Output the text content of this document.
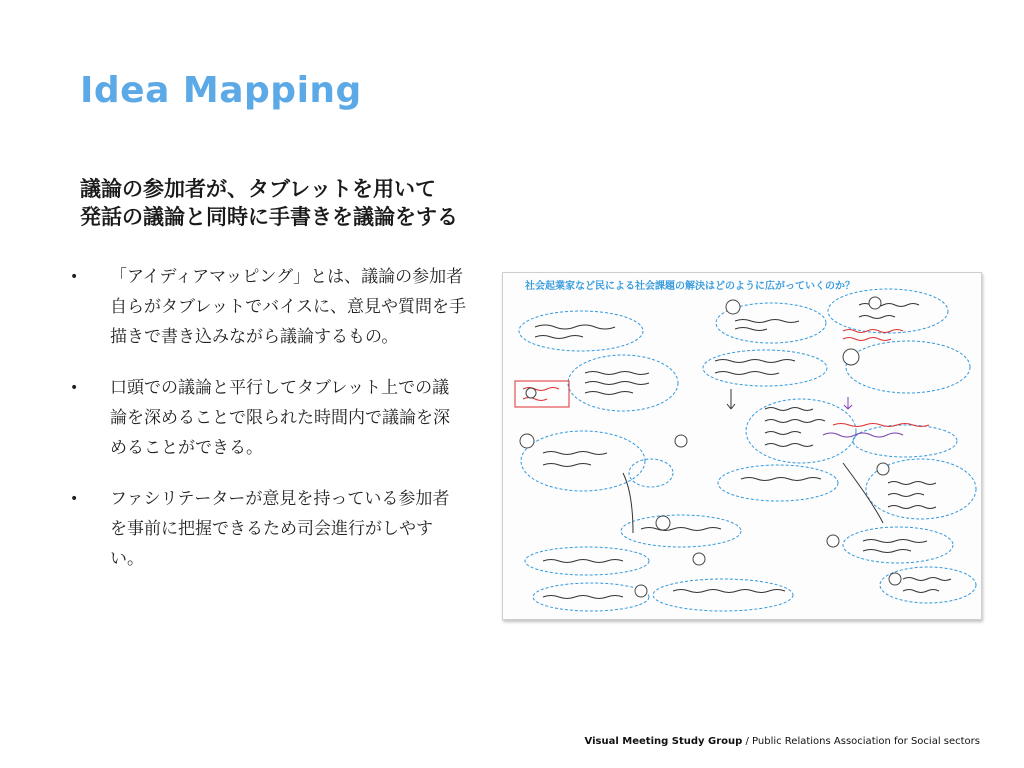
Idea Mapping
議論の参加者が、タブレットを用いて
発話の議論と同時に手書きを議論をする
• 「アイディアマッピング」とは、議論の参加者自らがタブレットでバイスに、意見や質問を手描きで書き込みながら議論するもの。
• 口頭での議論と平行してタブレット上での議論を深めることで限られた時間内で議論を深めることができる。
• ファシリテーターが意見を持っている参加者を事前に把握できるため司会進行がしやすい。
社会起業家など民による社会課題の解決はどのように広がっていくのか？
Visual Meeting Study Group / Public Relations Association for Social sectors
